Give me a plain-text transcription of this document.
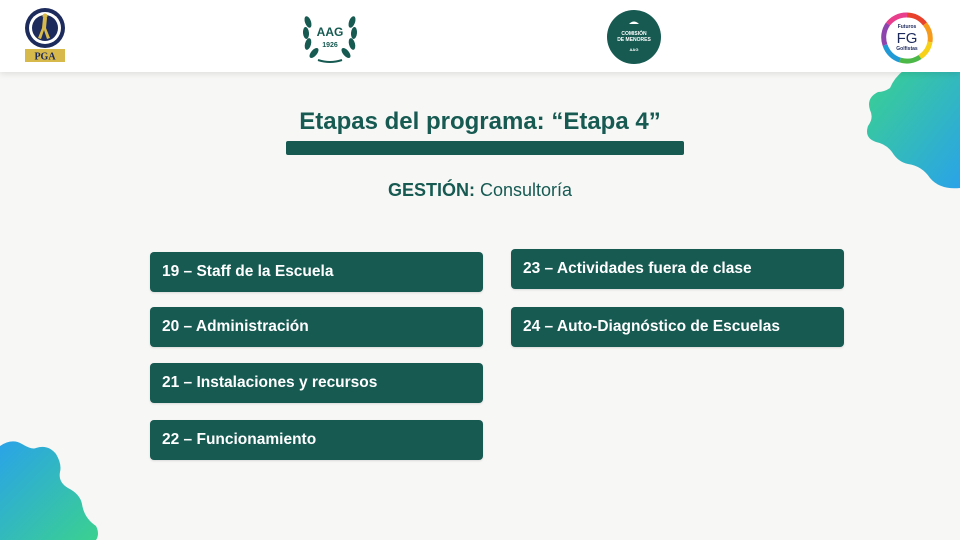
PGA
AAG
1926
COMISIÓN
DE MENORES
AAG
Futuros
FG
Golfistas
Etapas del programa: “Etapa 4”
GESTIÓN: Consultoría
19 – Staff de la Escuela
20 – Administración
21 – Instalaciones y recursos
22 – Funcionamiento
23 – Actividades fuera de clase
24 – Auto-Diagnóstico de Escuelas
